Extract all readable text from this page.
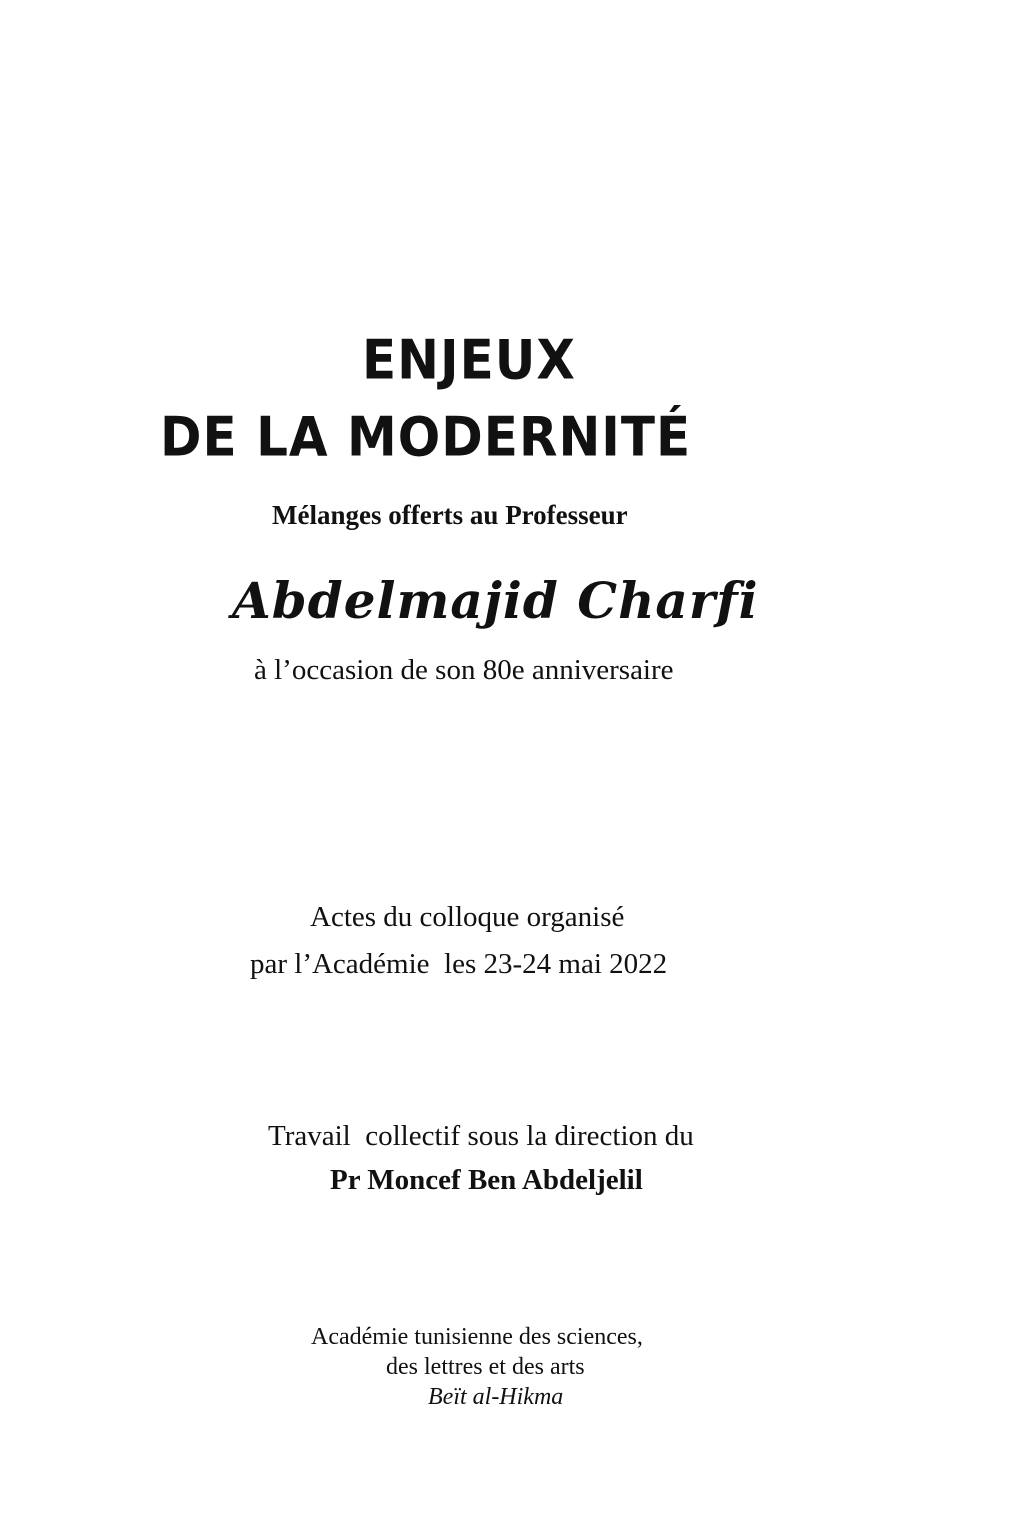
ENJEUX
DE LA MODERNITÉ
Mélanges offerts au Professeur
Abdelmajid Charfi
à l’occasion de son 80e anniversaire
Actes du colloque organisé
par l’Académie  les 23-24 mai 2022
Travail  collectif sous la direction du
Pr Moncef Ben Abdeljelil
Académie tunisienne des sciences,
des lettres et des arts
Beït al-Hikma
